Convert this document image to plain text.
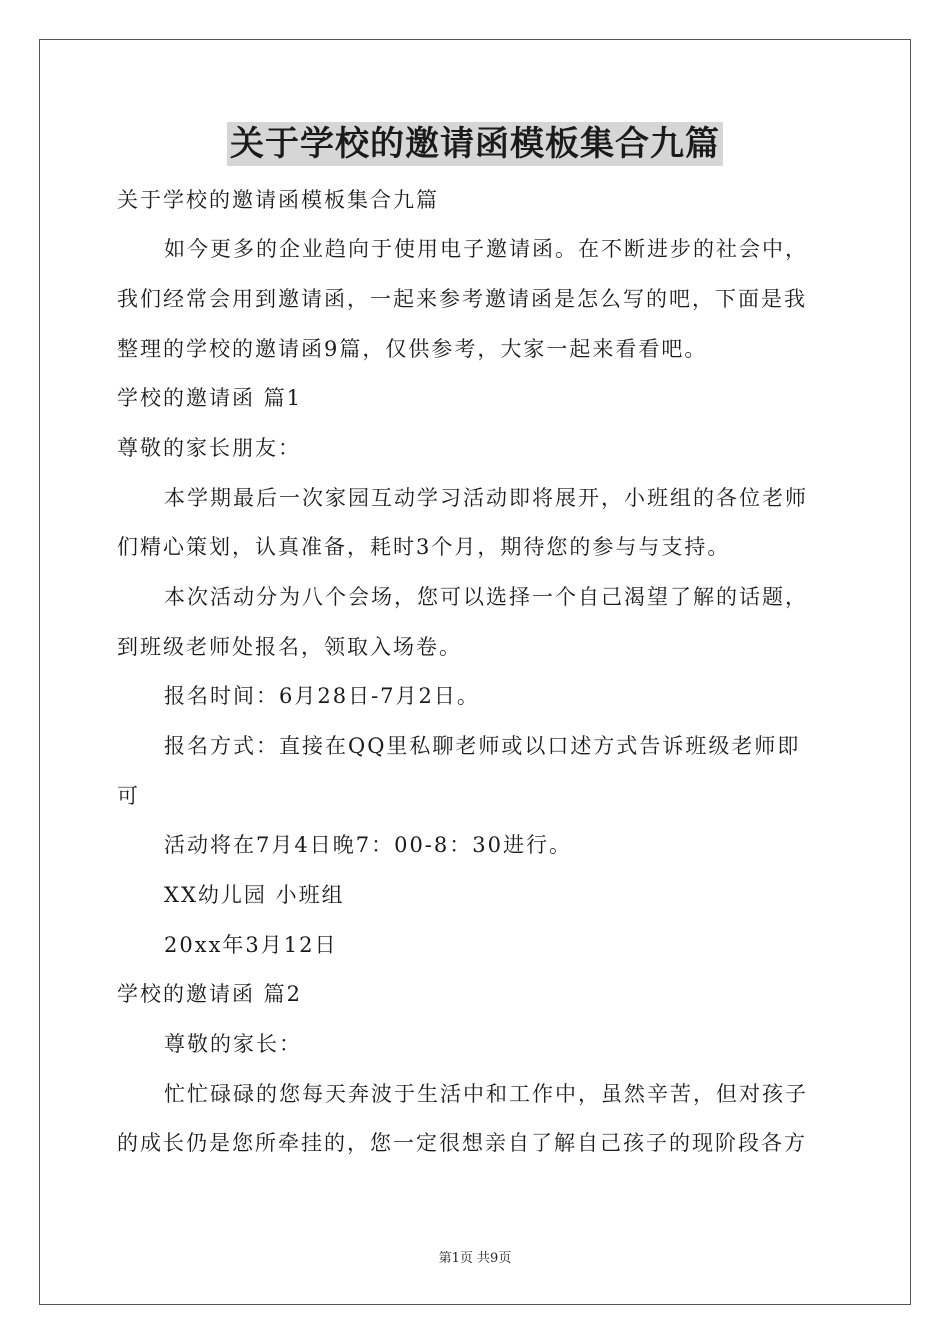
关于学校的邀请函模板集合九篇
关于学校的邀请函模板集合九篇
如今更多的企业趋向于使用电子邀请函。在不断进步的社会中，
我们经常会用到邀请函，一起来参考邀请函是怎么写的吧，下面是我
整理的学校的邀请函9篇，仅供参考，大家一起来看看吧。
学校的邀请函 篇1
尊敬的家长朋友：
本学期最后一次家园互动学习活动即将展开，小班组的各位老师
们精心策划，认真准备，耗时3个月，期待您的参与与支持。
本次活动分为八个会场，您可以选择一个自己渴望了解的话题，
到班级老师处报名，领取入场卷。
报名时间：6月28日-7月2日。
报名方式：直接在QQ里私聊老师或以口述方式告诉班级老师即
可
活动将在7月4日晚7：00-8：30进行。
XX幼儿园 小班组
20xx年3月12日
学校的邀请函 篇2
尊敬的家长：
忙忙碌碌的您每天奔波于生活中和工作中，虽然辛苦，但对孩子
的成长仍是您所牵挂的，您一定很想亲自了解自己孩子的现阶段各方
第1页 共9页
